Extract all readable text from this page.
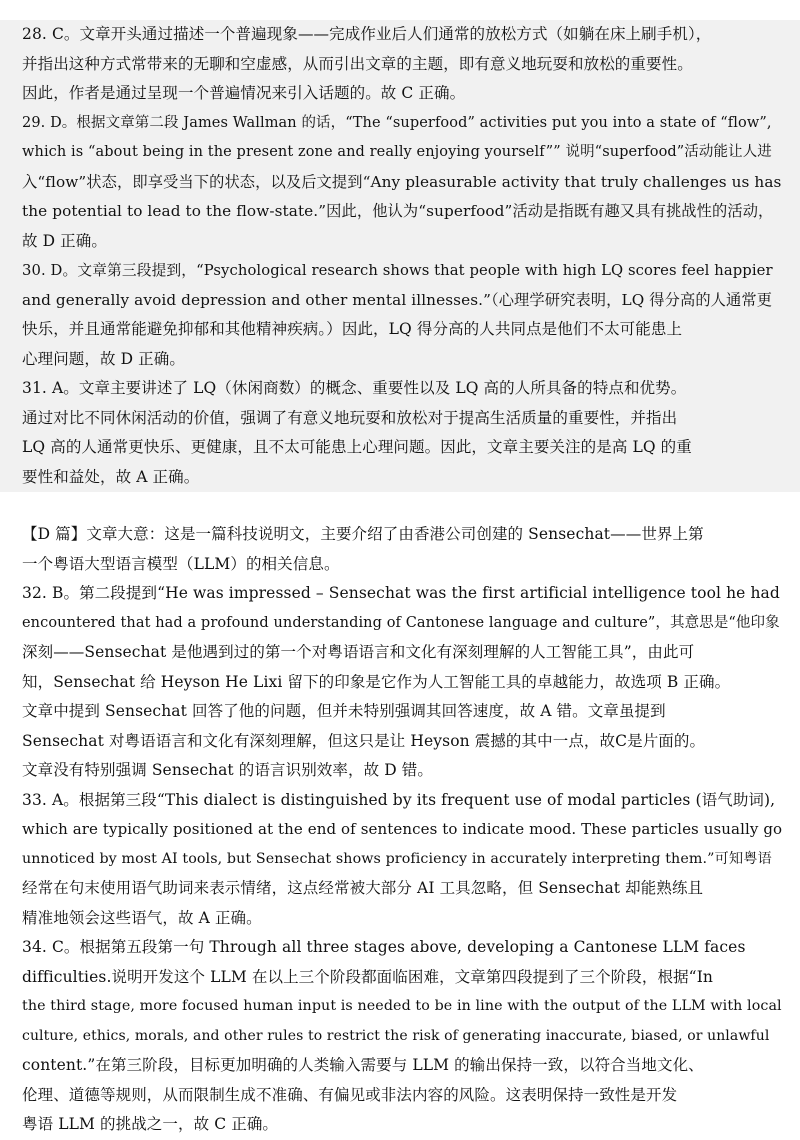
28. C。文章开头通过描述一个普遍现象——完成作业后人们通常的放松方式（如躺在床上刷手机），

并指出这种方式常带来的无聊和空虚感，从而引出文章的主题，即有意义地玩耍和放松的重要性。

因此，作者是通过呈现一个普遍情况来引入话题的。故 C 正确。

29. D。根据文章第二段 James Wallman 的话，“The “superfood” activities put you into a state of “flow”,

which is “about being in the present zone and really enjoying yourself”” 说明“superfood”活动能让人进

入“flow”状态，即享受当下的状态，以及后文提到“Any pleasurable activity that truly challenges us has

the potential to lead to the flow-state.”因此，他认为“superfood”活动是指既有趣又具有挑战性的活动，

故 D 正确。

30. D。文章第三段提到，“Psychological research shows that people with high LQ scores feel happier

and generally avoid depression and other mental illnesses.”（心理学研究表明，LQ 得分高的人通常更

快乐，并且通常能避免抑郁和其他精神疾病。）因此，LQ 得分高的人共同点是他们不太可能患上

心理问题，故 D 正确。

31. A。文章主要讲述了 LQ（休闲商数）的概念、重要性以及 LQ 高的人所具备的特点和优势。

通过对比不同休闲活动的价值，强调了有意义地玩耍和放松对于提高生活质量的重要性，并指出

LQ 高的人通常更快乐、更健康，且不太可能患上心理问题。因此，文章主要关注的是高 LQ 的重

要性和益处，故 A 正确。

【D 篇】文章大意：这是一篇科技说明文，主要介绍了由香港公司创建的 Sensechat——世界上第

一个粤语大型语言模型（LLM）的相关信息。

32. B。第二段提到“He was impressed – Sensechat was the first artificial intelligence tool he had

encountered that had a profound understanding of Cantonese language and culture”，其意思是“他印象

深刻——Sensechat 是他遇到过的第一个对粤语语言和文化有深刻理解的人工智能工具”，由此可

知，Sensechat 给 Heyson He Lixi 留下的印象是它作为人工智能工具的卓越能力，故选项 B 正确。

文章中提到 Sensechat 回答了他的问题，但并未特别强调其回答速度，故 A 错。文章虽提到

Sensechat 对粤语语言和文化有深刻理解，但这只是让 Heyson 震撼的其中一点，故C是片面的。

文章没有特别强调 Sensechat 的语言识别效率，故 D 错。

33. A。根据第三段“This dialect is distinguished by its frequent use of modal particles (语气助词),

which are typically positioned at the end of sentences to indicate mood. These particles usually go

unnoticed by most AI tools, but Sensechat shows proficiency in accurately interpreting them.”可知粤语

经常在句末使用语气助词来表示情绪，这点经常被大部分 AI 工具忽略，但 Sensechat 却能熟练且

精准地领会这些语气，故 A 正确。

34. C。根据第五段第一句 Through all three stages above, developing a Cantonese LLM faces

difficulties.说明开发这个 LLM 在以上三个阶段都面临困难，文章第四段提到了三个阶段，根据“In

the third stage, more focused human input is needed to be in line with the output of the LLM with local

culture, ethics, morals, and other rules to restrict the risk of generating inaccurate, biased, or unlawful

content.”在第三阶段，目标更加明确的人类输入需要与 LLM 的输出保持一致，以符合当地文化、

伦理、道德等规则，从而限制生成不准确、有偏见或非法内容的风险。这表明保持一致性是开发

粤语 LLM 的挑战之一，故 C 正确。
